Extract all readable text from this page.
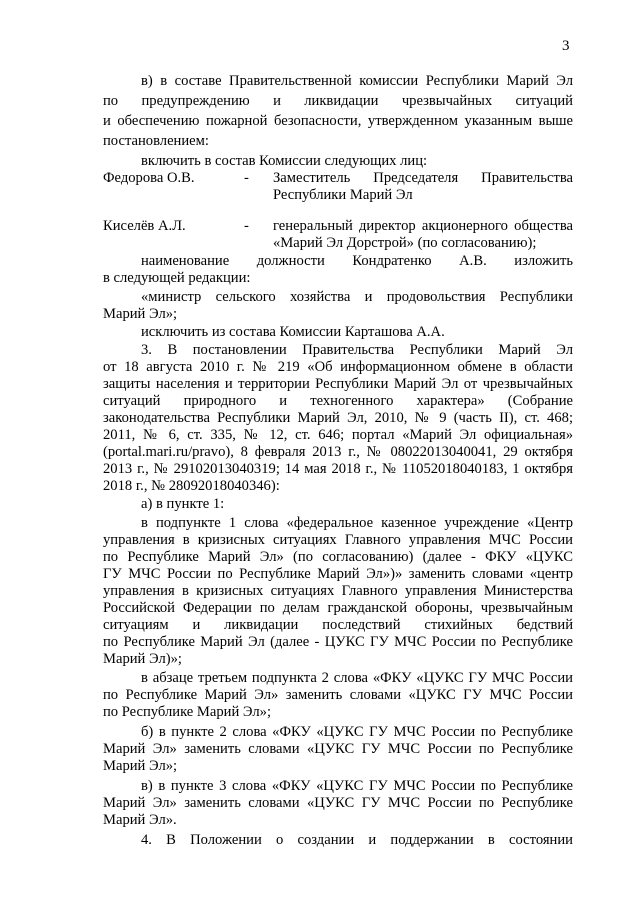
3
в) в составе Правительственной комиссии Республики Марий Эл
по предупреждению и ликвидации чрезвычайных ситуаций
и обеспечению пожарной безопасности, утвержденном указанным выше
постановлением:
включить в состав Комиссии следующих лиц:
Федорова О.В.	- Заместитель Председателя Правительства
Республики Марий Эл
Киселёв А.Л.	- генеральный директор акционерного общества
«Марий Эл Дорстрой» (по согласованию);
наименование должности Кондратенко А.В. изложить
в следующей редакции:
«министр сельского хозяйства и продовольствия Республики
Марий Эл»;
исключить из состава Комиссии Карташова А.А.
3. В постановлении Правительства Республики Марий Эл
от 18 августа 2010 г. № 219 «Об информационном обмене в области
защиты населения и территории Республики Марий Эл от чрезвычайных
ситуаций природного и техногенного характера» (Собрание
законодательства Республики Марий Эл, 2010, № 9 (часть II), ст. 468;
2011, № 6, ст. 335, № 12, ст. 646; портал «Марий Эл официальная»
(portal.mari.ru/pravo), 8 февраля 2013 г., № 08022013040041, 29 октября
2013 г., № 29102013040319; 14 мая 2018 г., № 11052018040183, 1 октября
2018 г., № 28092018040346):
а) в пункте 1:
в подпункте 1 слова «федеральное казенное учреждение «Центр
управления в кризисных ситуациях Главного управления МЧС России
по Республике Марий Эл» (по согласованию) (далее - ФКУ «ЦУКС
ГУ МЧС России по Республике Марий Эл»)» заменить словами «центр
управления в кризисных ситуациях Главного управления Министерства
Российской Федерации по делам гражданской обороны, чрезвычайным
ситуациям и ликвидации последствий стихийных бедствий
по Республике Марий Эл (далее - ЦУКС ГУ МЧС России по Республике
Марий Эл)»;
в абзаце третьем подпункта 2 слова «ФКУ «ЦУКС ГУ МЧС России
по Республике Марий Эл» заменить словами «ЦУКС ГУ МЧС России
по Республике Марий Эл»;
б) в пункте 2 слова «ФКУ «ЦУКС ГУ МЧС России по Республике
Марий Эл» заменить словами «ЦУКС ГУ МЧС России по Республике
Марий Эл»;
в) в пункте 3 слова «ФКУ «ЦУКС ГУ МЧС России по Республике
Марий Эл» заменить словами «ЦУКС ГУ МЧС России по Республике
Марий Эл».
4. В Положении о создании и поддержании в состоянии
